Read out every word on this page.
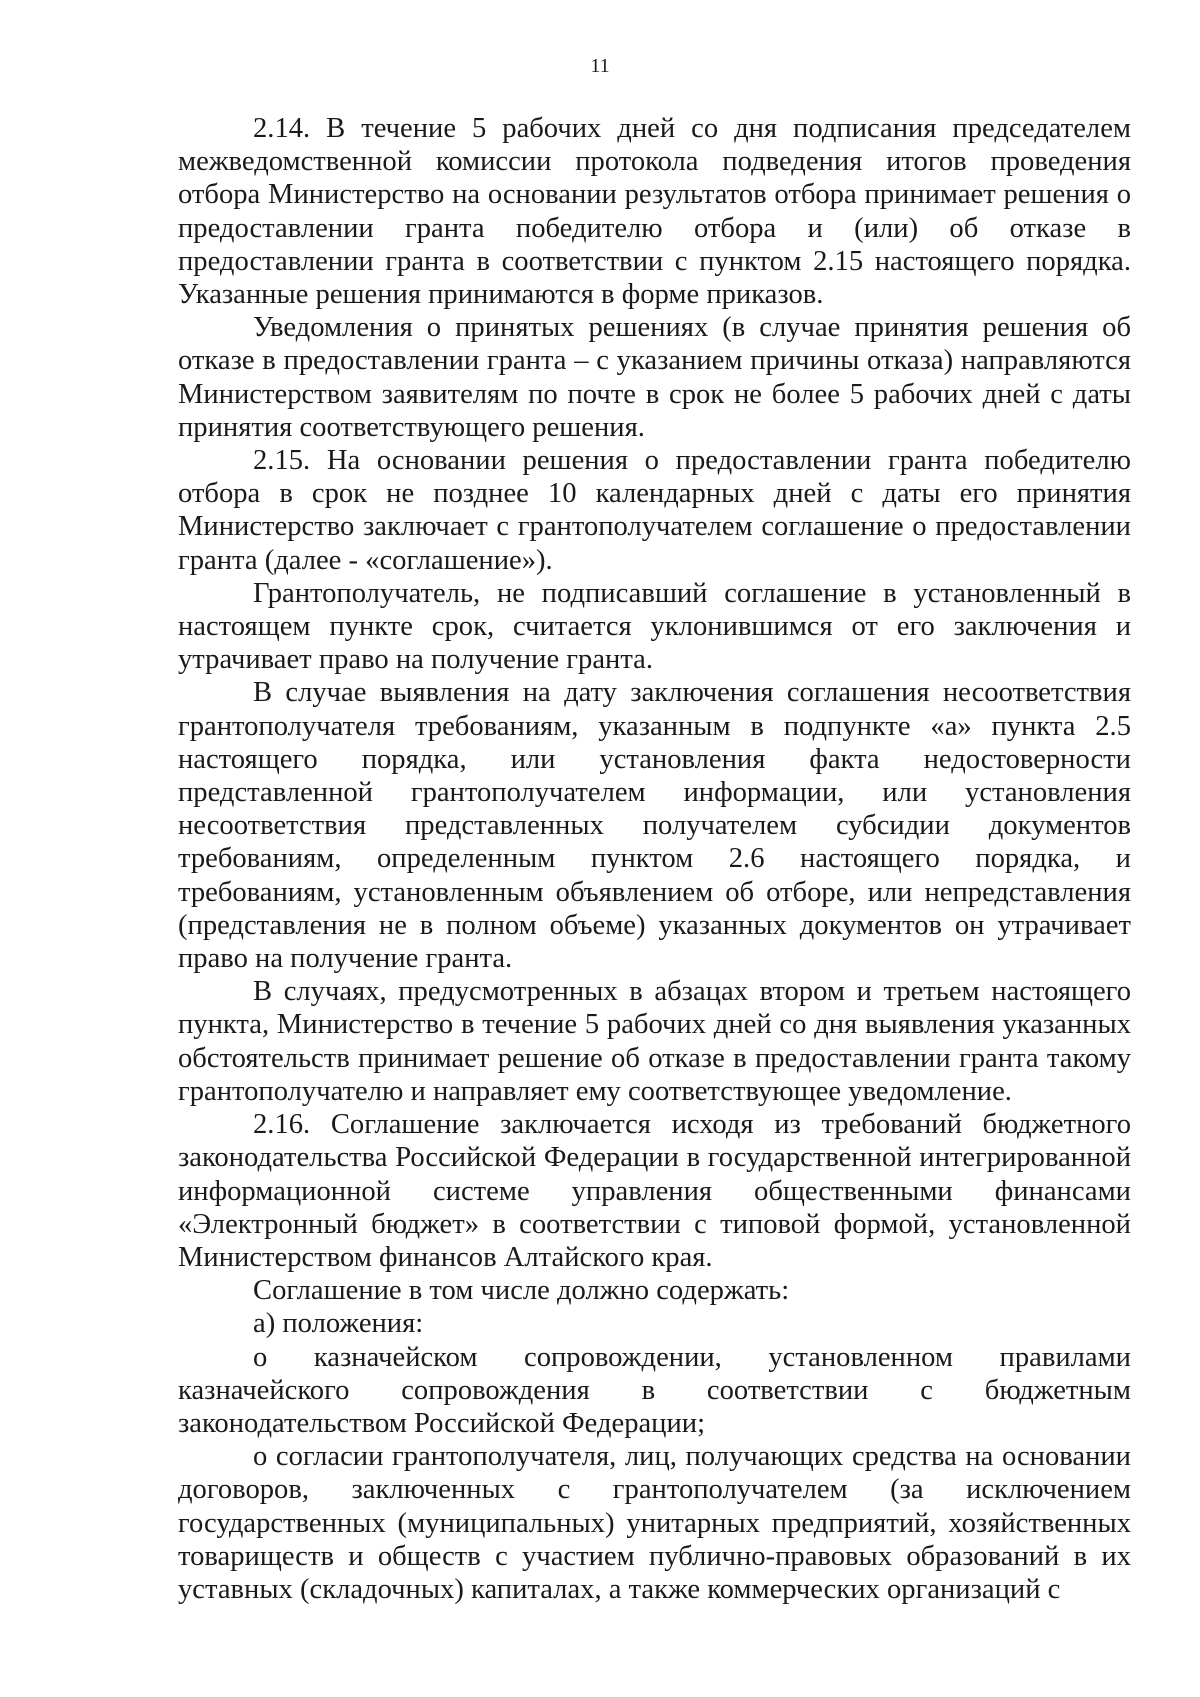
11

2.14. В течение 5 рабочих дней со дня подписания председателем межведомственной комиссии протокола подведения итогов проведения отбора Министерство на основании результатов отбора принимает решения о предоставлении гранта победителю отбора и (или) об отказе в предоставлении гранта в соответствии с пунктом 2.15 настоящего порядка. Указанные решения принимаются в форме приказов.

Уведомления о принятых решениях (в случае принятия решения об отказе в предоставлении гранта – с указанием причины отказа) направляются Министерством заявителям по почте в срок не более 5 рабочих дней с даты принятия соответствующего решения.

2.15. На основании решения о предоставлении гранта победителю отбора в срок не позднее 10 календарных дней с даты его принятия Министерство заключает с грантополучателем соглашение о предоставлении гранта (далее - «соглашение»).

Грантополучатель, не подписавший соглашение в установленный в настоящем пункте срок, считается уклонившимся от его заключения и утрачивает право на получение гранта.

В случае выявления на дату заключения соглашения несоответствия грантополучателя требованиям, указанным в подпункте «а» пункта 2.5 настоящего порядка, или установления факта недостоверности представленной грантополучателем информации, или установления несоответствия представленных получателем субсидии документов требованиям, определенным пунктом 2.6 настоящего порядка, и требованиям, установленным объявлением об отборе, или непредставления (представления не в полном объеме) указанных документов он утрачивает право на получение гранта.

В случаях, предусмотренных в абзацах втором и третьем настоящего пункта, Министерство в течение 5 рабочих дней со дня выявления указанных обстоятельств принимает решение об отказе в предоставлении гранта такому грантополучателю и направляет ему соответствующее уведомление.

2.16. Соглашение заключается исходя из требований бюджетного законодательства Российской Федерации в государственной интегрированной информационной системе управления общественными финансами «Электронный бюджет» в соответствии с типовой формой, установленной Министерством финансов Алтайского края.

Соглашение в том числе должно содержать:

а) положения:

о казначейском сопровождении, установленном правилами казначейского сопровождения в соответствии с бюджетным законодательством Российской Федерации;

о согласии грантополучателя, лиц, получающих средства на основании договоров, заключенных с грантополучателем (за исключением государственных (муниципальных) унитарных предприятий, хозяйственных товариществ и обществ с участием публично-правовых образований в их уставных (складочных) капиталах, а также коммерческих организаций с
